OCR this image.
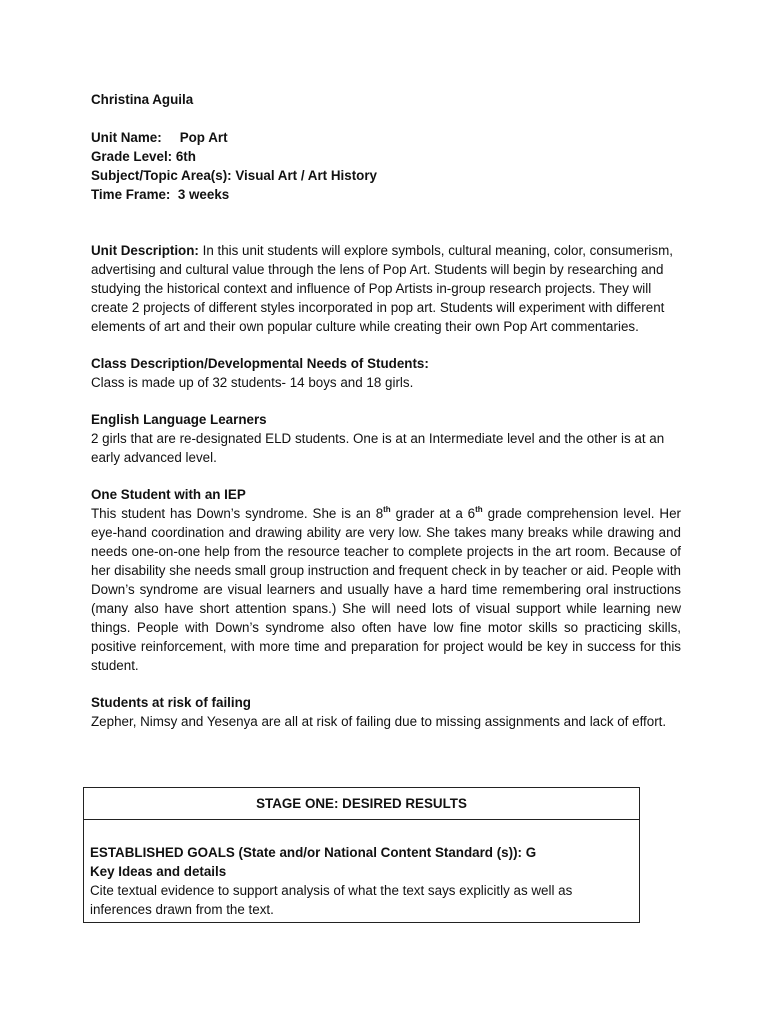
Christina Aguila

Unit Name: Pop Art

Grade Level: 6th

Subject/Topic Area(s): Visual Art / Art History

Time Frame: 3 weeks

Unit Description: In this unit students will explore symbols, cultural meaning, color, consumerism, advertising and cultural value through the lens of Pop Art. Students will begin by researching and studying the historical context and influence of Pop Artists in-group research projects. They will create 2 projects of different styles incorporated in pop art. Students will experiment with different elements of art and their own popular culture while creating their own Pop Art commentaries.

Class Description/Developmental Needs of Students:

Class is made up of 32 students- 14 boys and 18 girls.

English Language Learners

2 girls that are re-designated ELD students. One is at an Intermediate level and the other is at an early advanced level.

One Student with an IEP

This student has Down’s syndrome. She is an 8th grader at a 6th grade comprehension level. Her eye-hand coordination and drawing ability are very low. She takes many breaks while drawing and needs one-on-one help from the resource teacher to complete projects in the art room. Because of her disability she needs small group instruction and frequent check in by teacher or aid. People with Down’s syndrome are visual learners and usually have a hard time remembering oral instructions (many also have short attention spans.) She will need lots of visual support while learning new things. People with Down’s syndrome also often have low fine motor skills so practicing skills, positive reinforcement, with more time and preparation for project would be key in success for this student.

Students at risk of failing

Zepher, Nimsy and Yesenya are all at risk of failing due to missing assignments and lack of effort.

STAGE ONE: DESIRED RESULTS

ESTABLISHED GOALS (State and/or National Content Standard (s)): G

Key Ideas and details

Cite textual evidence to support analysis of what the text says explicitly as well as inferences drawn from the text.
